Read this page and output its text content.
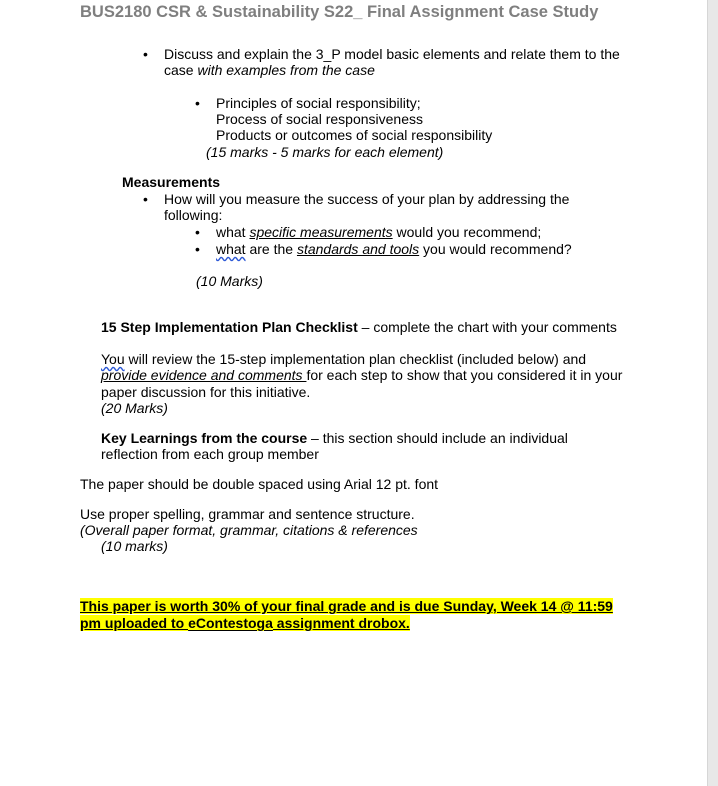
BUS2180 CSR & Sustainability S22_ Final Assignment Case Study
•
Discuss and explain the 3_P model basic elements and relate them to the
case with examples from the case
•
Principles of social responsibility;
Process of social responsiveness
Products or outcomes of social responsibility
(15 marks - 5 marks for each element)
Measurements
•
How will you measure the success of your plan by addressing the
following:
•
what specific measurements would you recommend;
•
what are the standards and tools you would recommend?
(10 Marks)
15 Step Implementation Plan Checklist – complete the chart with your comments
You will review the 15-step implementation plan checklist (included below) and
provide evidence and comments for each step to show that you considered it in your
paper discussion for this initiative.
(20 Marks)
Key Learnings from the course – this section should include an individual
reflection from each group member
The paper should be double spaced using Arial 12 pt. font
Use proper spelling, grammar and sentence structure.
(Overall paper format, grammar, citations & references
(10 marks)
This paper is worth 30% of your final grade and is due Sunday, Week 14 @ 11:59
pm uploaded to eContestoga assignment drobox.
